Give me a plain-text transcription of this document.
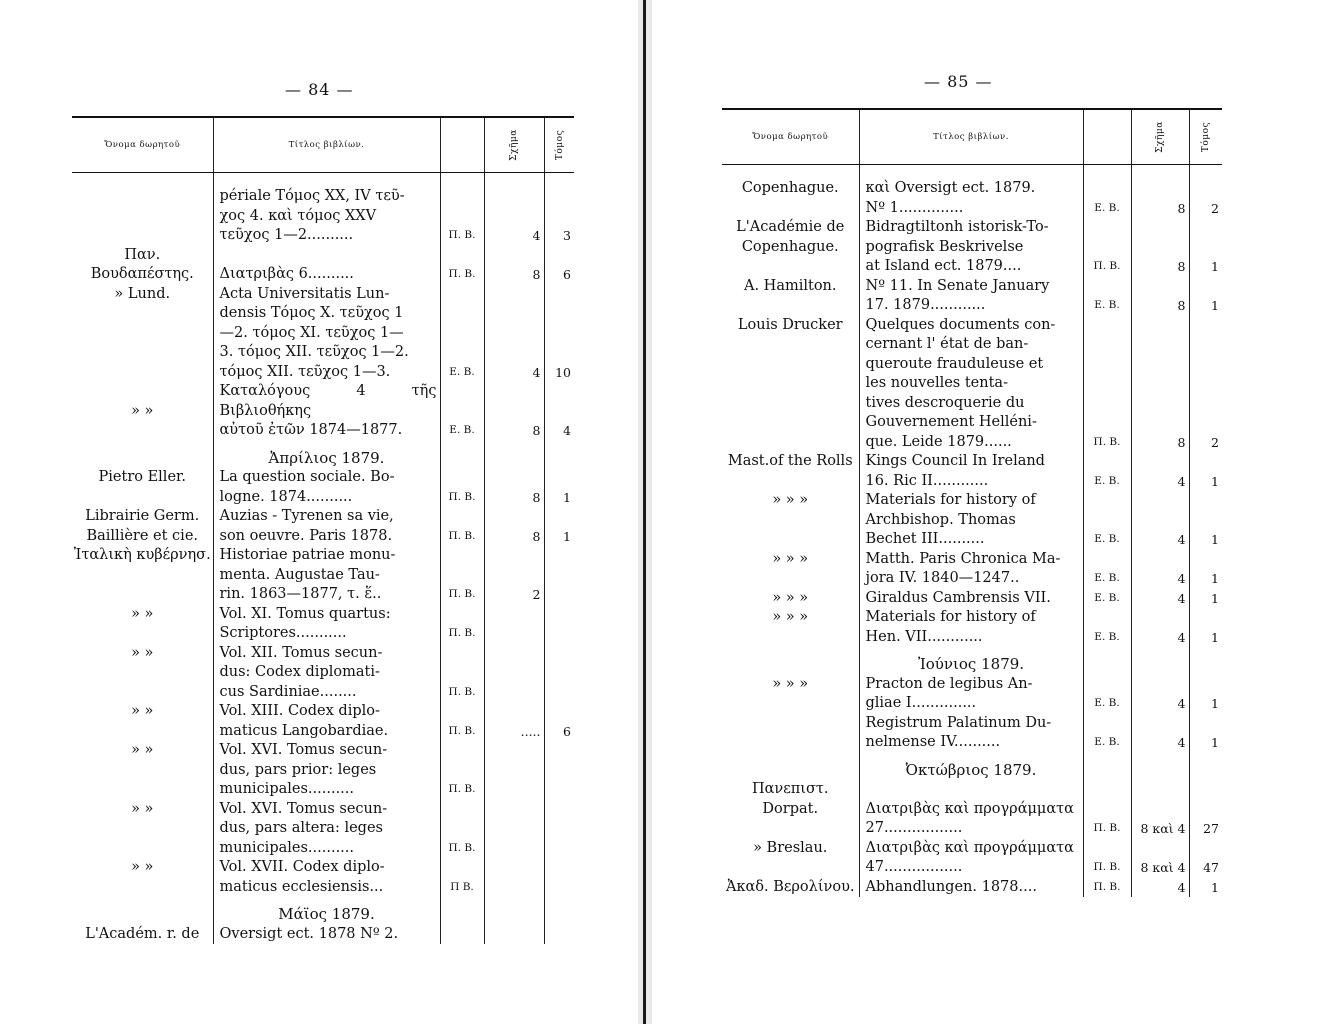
— 84 —
Ὄνομα δωρητοῦ	Τίτλος βιβλίων.		Σχῆμα	Τόμος
	périale Τόμος XX, IV τεῦ-			
	χος 4. καὶ τόμος XXV			
	τεῦχος 1—2..........	Π. Β.	4	3
Παν. Βουδαπέστης.	Διατριβὰς 6..........	Π. Β.	8	6
» Lund.	Acta Universitatis Lun-			
	densis Τόμος X. τεῦχος 1			
	—2. τόμος XI. τεῦχος 1—			
	3. τόμος XII. τεῦχος 1—2.			
	τόμος XII. τεῦχος 1—3.	Ε. Β.	4	10
» »	Καταλόγους 4 τῆς Βιβλιοθήκης			
	αὐτοῦ ἐτῶν 1874—1877.	Ε. Β.	8	4
	Ἀπρίλιος 1879.			
Pietro Eller.	La question sociale. Bo-			
	logne. 1874..........	Π. Β.	8	1
Librairie Germ.	Auzias - Tyrenen sa vie,			
Baillière et cie.	son oeuvre. Paris 1878.	Π. Β.	8	1
Ἰταλικὴ κυβέρνησ.	Historiae patriae monu-			
	menta. Augustae Tau-			
	rin. 1863—1877, τ. ἕ..	Π. Β.	2	
» »	Vol. XI. Tomus quartus:			
	Scriptores...........	Π. Β.		
» »	Vol. XII. Tomus secun-			
	dus: Codex diplomati-			
	cus Sardiniae........	Π. Β.		
» »	Vol. XIII. Codex diplo-			
	maticus Langobardiae.	Π. Β.	.....	6
» »	Vol. XVI. Tomus secun-			
	dus, pars prior: leges			
	municipales..........	Π. Β.		
» »	Vol. XVI. Tomus secun-			
	dus, pars altera: leges			
	municipales..........	Π. Β.		
» »	Vol. XVII. Codex diplo-			
	maticus ecclesiensis...	Π Β.		
	Μάϊος 1879.			
L'Académ. r. de	Oversigt ect. 1878 Nº 2.			
— 85 —
Ὄνομα δωρητοῦ	Τίτλος βιβλίων.		Σχῆμα	Τόμος
Copenhague.	καὶ Oversigt ect. 1879.			
	Nº 1..............	Ε. Β.	8	2
L'Académie de	Bidragtiltonh istorisk-To-			
Copenhague.	pografisk Beskrivelse			
	at Island ect. 1879....	Π. Β.	8	1
A. Hamilton.	Nº 11. In Senate January			
	17. 1879............	Ε. Β.	8	1
Louis Drucker	Quelques documents con-			
	cernant l' état de ban-			
	queroute frauduleuse et			
	les nouvelles tenta-			
	tives descroquerie du			
	Gouvernement Helléni-			
	que. Leide 1879......	Π. Β.	8	2
Mast.of the Rolls	Kings Council In Ireland			
	16. Ric II............	Ε. Β.	4	1
» » »	Materials for history of			
	Archbishop. Thomas			
	Bechet III..........	Ε. Β.	4	1
» » »	Matth. Paris Chronica Ma-			
	jora IV. 1840—1247..	Ε. Β.	4	1
» » »	Giraldus Cambrensis VII.	Ε. Β.	4	1
» » »	Materials for history of			
	Hen. VII............	Ε. Β.	4	1
	Ἰούνιος 1879.			
» » »	Practon de legibus An-			
	gliae I..............	Ε. Β.	4	1
	Registrum Palatinum Du-			
	nelmense IV..........	Ε. Β.	4	1
	Ὀκτώβριος 1879.			
Πανεπιστ. Dorpat.	Διατριβὰς καὶ προγράμματα			
	27.................	Π. Β.	8 καὶ 4	27
» Breslau.	Διατριβὰς καὶ προγράμματα			
	47.................	Π. Β.	8 καὶ 4	47
Ἀκαδ. Βερολίνου.	Abhandlungen. 1878....	Π. Β.	4	1
